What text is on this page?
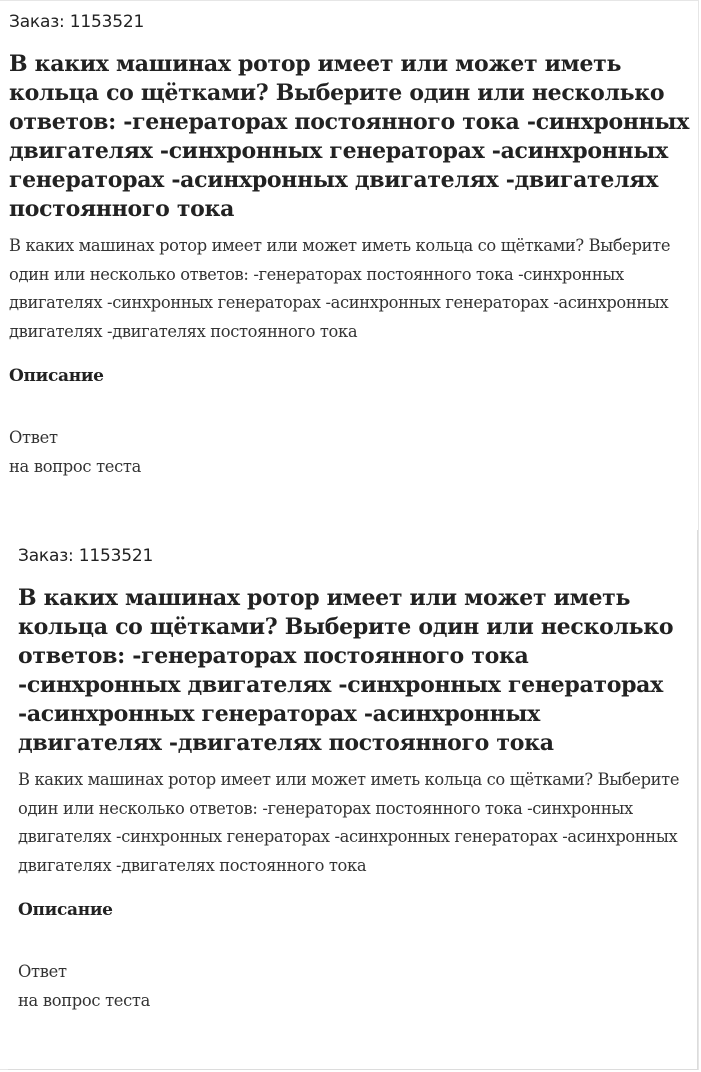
Заказ: 1153521
В каких машинах ротор имеет или может иметь кольца со щётками? Выберите один или несколько ответов: -генераторах постоянного тока -синхронных двигателях -синхронных генераторах -асинхронных генераторах -асинхронных двигателях -двигателях постоянного тока
В каких машинах ротор имеет или может иметь кольца со щётками? Выберите один или несколько ответов: -генераторах постоянного тока -синхронных двигателях -синхронных генераторах -асинхронных генераторах -асинхронных двигателях -двигателях постоянного тока
Описание
Ответ
на вопрос теста
Заказ: 1153521
В каких машинах ротор имеет или может иметь кольца со щётками? Выберите один или несколько ответов: -генераторах постоянного тока -синхронных двигателях -синхронных генераторах -асинхронных генераторах -асинхронных двигателях -двигателях постоянного тока
В каких машинах ротор имеет или может иметь кольца со щётками? Выберите один или несколько ответов: -генераторах постоянного тока -синхронных двигателях -синхронных генераторах -асинхронных генераторах -асинхронных двигателях -двигателях постоянного тока
Описание
Ответ
на вопрос теста
